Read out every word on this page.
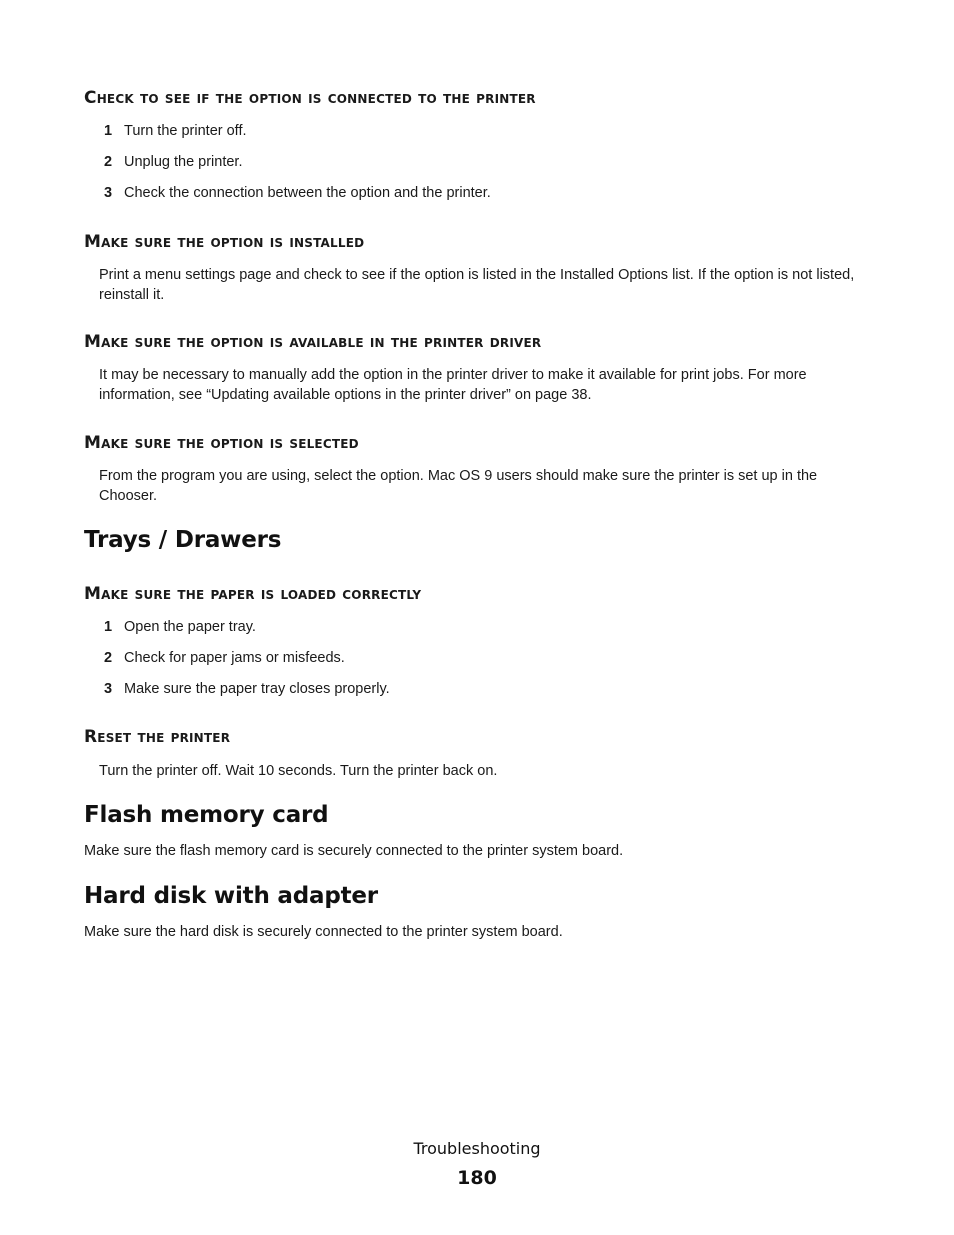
Check to see if the option is connected to the printer
1 Turn the printer off.
2 Unplug the printer.
3 Check the connection between the option and the printer.
Make sure the option is installed
Print a menu settings page and check to see if the option is listed in the Installed Options list. If the option is not listed, reinstall it.
Make sure the option is available in the printer driver
It may be necessary to manually add the option in the printer driver to make it available for print jobs. For more information, see “Updating available options in the printer driver” on page 38.
Make sure the option is selected
From the program you are using, select the option. Mac OS 9 users should make sure the printer is set up in the Chooser.
Trays / Drawers
Make sure the paper is loaded correctly
1 Open the paper tray.
2 Check for paper jams or misfeeds.
3 Make sure the paper tray closes properly.
Reset the printer
Turn the printer off. Wait 10 seconds. Turn the printer back on.
Flash memory card
Make sure the flash memory card is securely connected to the printer system board.
Hard disk with adapter
Make sure the hard disk is securely connected to the printer system board.
Troubleshooting
180
